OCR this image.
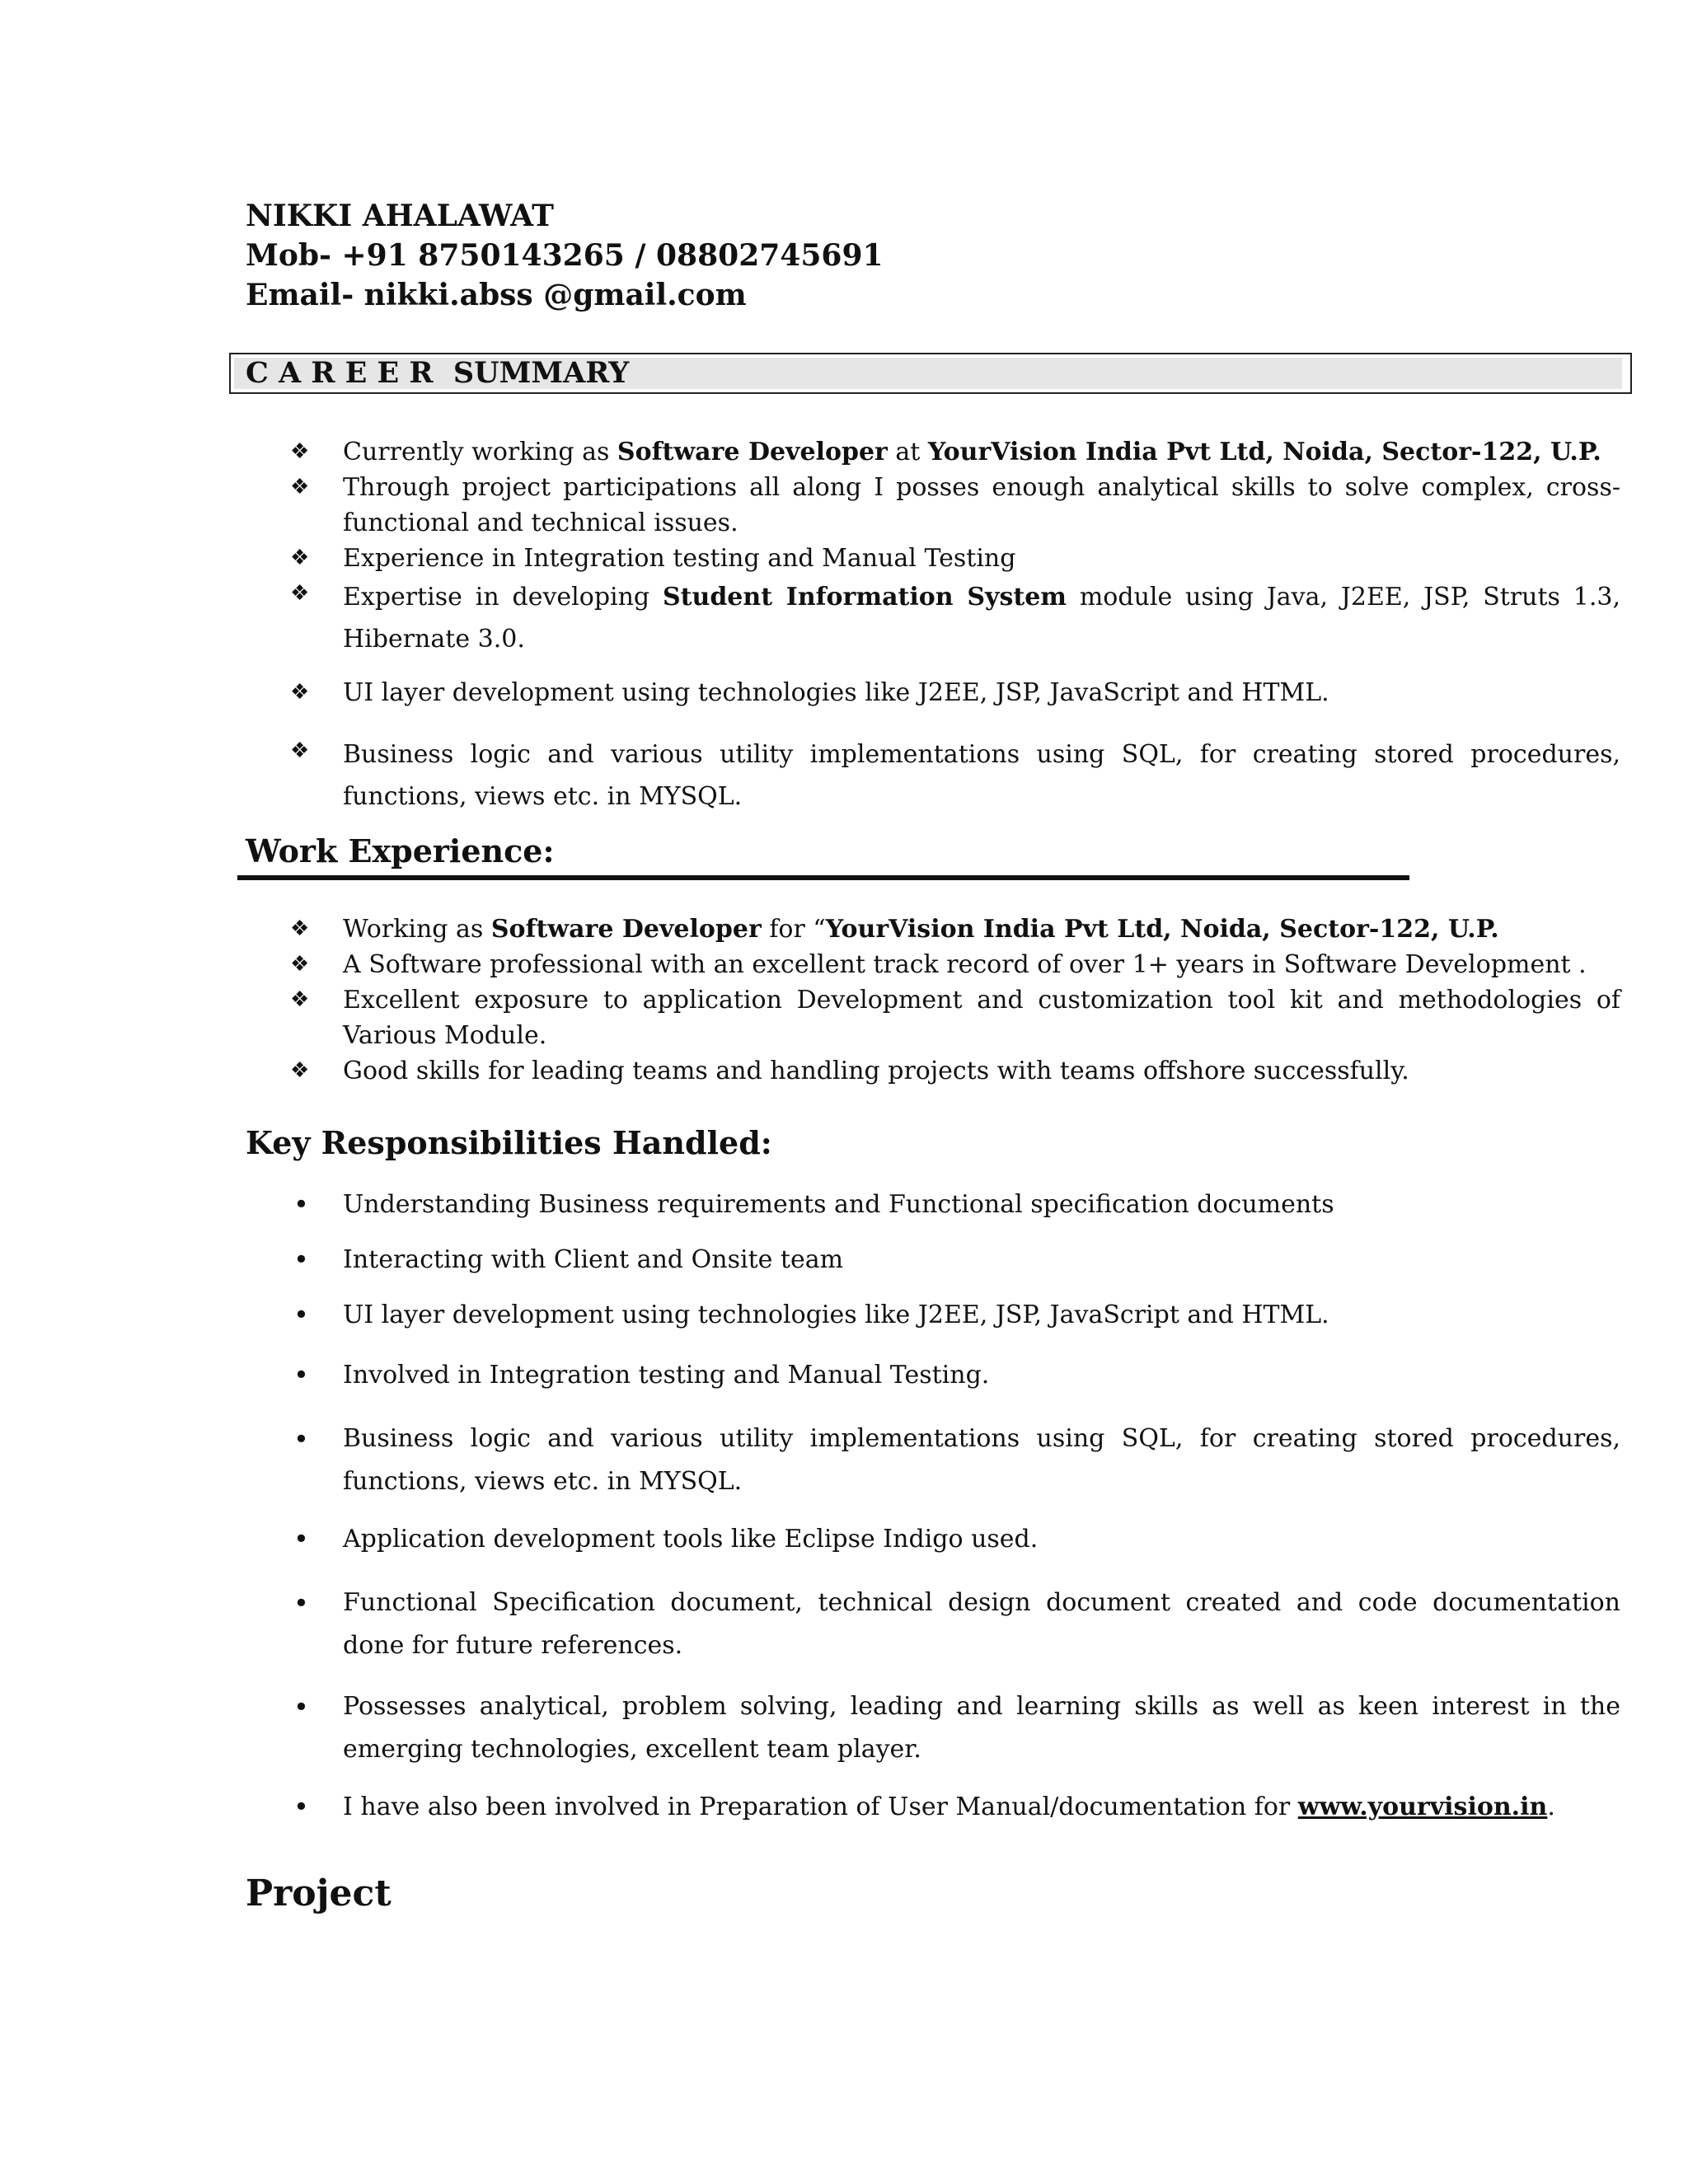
NIKKI AHALAWAT
Mob- +91 8750143265 / 08802745691
Email- nikki.abss @gmail.com
C A R E E R  SUMMARY
❖ Currently working as Software Developer at YourVision India Pvt Ltd, Noida, Sector-122, U.P.
❖ Through project participations all along I posses enough analytical skills to solve complex, cross-functional and technical issues.
❖ Experience in Integration testing and Manual Testing
❖ Expertise in developing Student Information System module using Java, J2EE, JSP, Struts 1.3, Hibernate 3.0.
❖ UI layer development using technologies like J2EE, JSP, JavaScript and HTML.
❖ Business logic and various utility implementations using SQL, for creating stored procedures, functions, views etc. in MYSQL.
Work Experience:
❖ Working as Software Developer for “YourVision India Pvt Ltd, Noida, Sector-122, U.P.
❖ A Software professional with an excellent track record of over 1+ years in Software Development .
❖ Excellent exposure to application Development and customization tool kit and methodologies of Various Module.
❖ Good skills for leading teams and handling projects with teams offshore successfully.
Key Responsibilities Handled:
• Understanding Business requirements and Functional specification documents
• Interacting with Client and Onsite team
• UI layer development using technologies like J2EE, JSP, JavaScript and HTML.
• Involved in Integration testing and Manual Testing.
• Business logic and various utility implementations using SQL, for creating stored procedures, functions, views etc. in MYSQL.
• Application development tools like Eclipse Indigo used.
• Functional Specification document, technical design document created and code documentation done for future references.
• Possesses analytical, problem solving, leading and learning skills as well as keen interest in the emerging technologies, excellent team player.
• I have also been involved in Preparation of User Manual/documentation for www.yourvision.in.
Project
